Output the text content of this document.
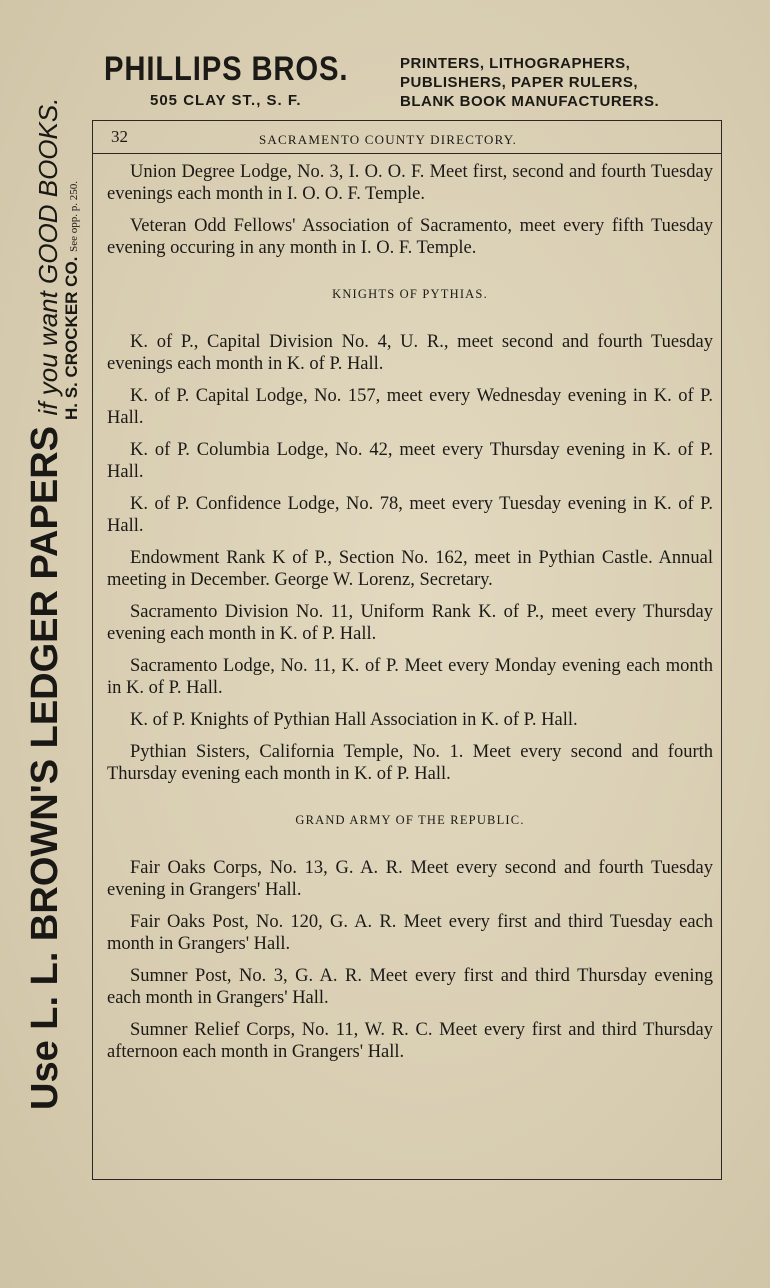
Use L. L. BROWN'S LEDGER PAPERS if you want GOOD BOOKS. H. S. CROCKER CO. See opp. p. 250.
PHILLIPS BROS.
505 CLAY ST., S. F.
PRINTERS, LITHOGRAPHERS,
PUBLISHERS, PAPER RULERS,
BLANK BOOK MANUFACTURERS.
32	SACRAMENTO COUNTY DIRECTORY.

Union Degree Lodge, No. 3, I. O. O. F. Meet first, second and fourth Tuesday evenings each month in I. O. O. F. Temple.

Veteran Odd Fellows' Association of Sacramento, meet every fifth Tuesday evening occuring in any month in I. O. F. Temple.

KNIGHTS OF PYTHIAS.

K. of P., Capital Division No. 4, U. R., meet second and fourth Tuesday evenings each month in K. of P. Hall.

K. of P. Capital Lodge, No. 157, meet every Wednesday evening in K. of P. Hall.

K. of P. Columbia Lodge, No. 42, meet every Thursday evening in K. of P. Hall.

K. of P. Confidence Lodge, No. 78, meet every Tuesday evening in K. of P. Hall.

Endowment Rank K of P., Section No. 162, meet in Pythian Castle. Annual meeting in December. George W. Lorenz, Secretary.

Sacramento Division No. 11, Uniform Rank K. of P., meet every Thursday evening each month in K. of P. Hall.

Sacramento Lodge, No. 11, K. of P. Meet every Monday evening each month in K. of P. Hall.

K. of P. Knights of Pythian Hall Association in K. of P. Hall.

Pythian Sisters, California Temple, No. 1. Meet every second and fourth Thursday evening each month in K. of P. Hall.

GRAND ARMY OF THE REPUBLIC.

Fair Oaks Corps, No. 13, G. A. R. Meet every second and fourth Tuesday evening in Grangers' Hall.

Fair Oaks Post, No. 120, G. A. R. Meet every first and third Tuesday each month in Grangers' Hall.

Sumner Post, No. 3, G. A. R. Meet every first and third Thursday evening each month in Grangers' Hall.

Sumner Relief Corps, No. 11, W. R. C. Meet every first and third Thursday afternoon each month in Grangers' Hall.
